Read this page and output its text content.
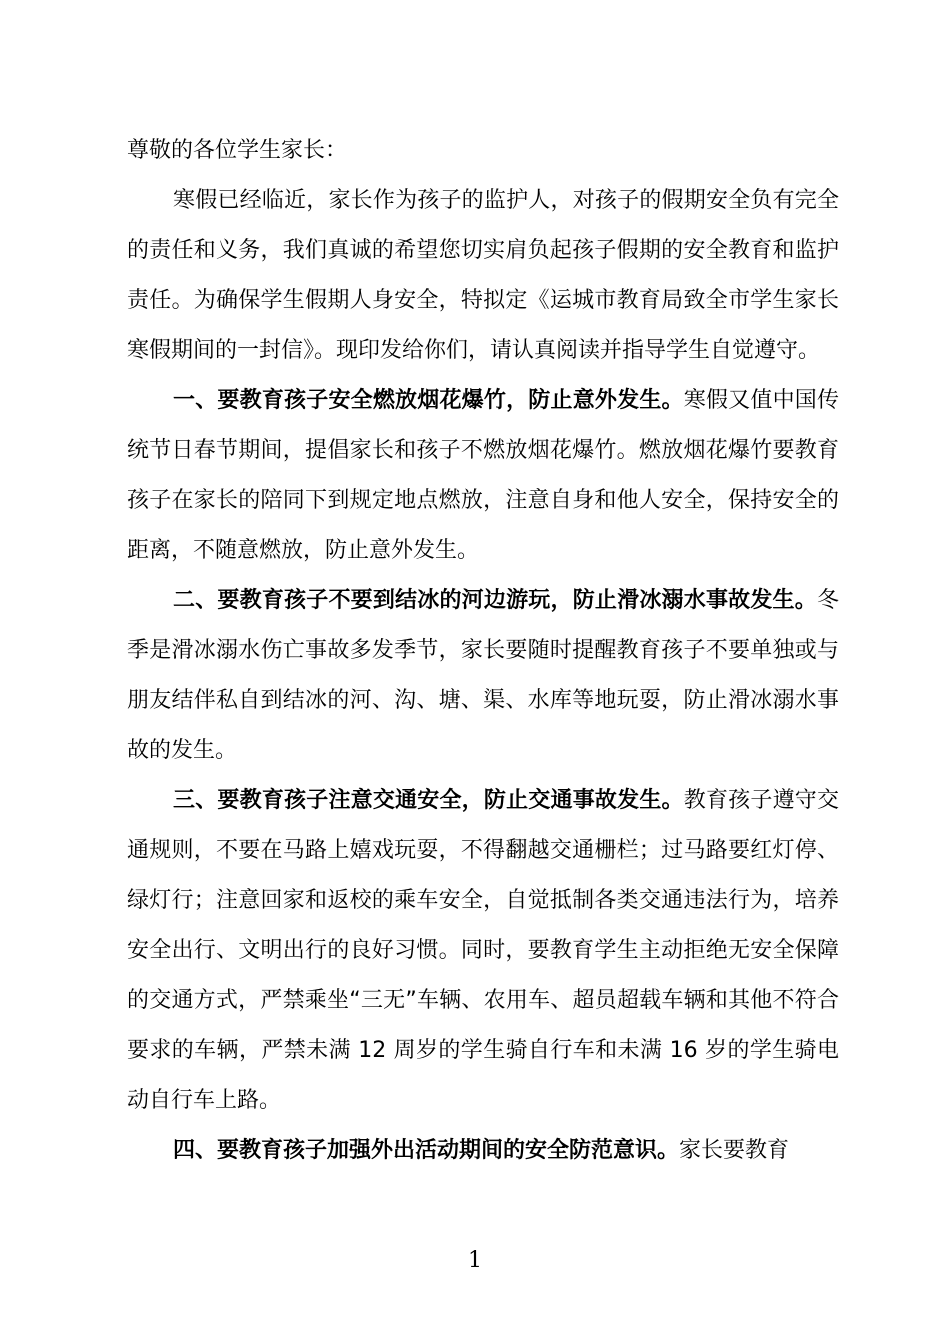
尊敬的各位学生家长：

寒假已经临近，家长作为孩子的监护人，对孩子的假期安全负有完全的责任和义务，我们真诚的希望您切实肩负起孩子假期的安全教育和监护责任。为确保学生假期人身安全，特拟定《运城市教育局致全市学生家长寒假期间的一封信》。现印发给你们，请认真阅读并指导学生自觉遵守。

一、要教育孩子安全燃放烟花爆竹，防止意外发生。寒假又值中国传统节日春节期间，提倡家长和孩子不燃放烟花爆竹。燃放烟花爆竹要教育孩子在家长的陪同下到规定地点燃放，注意自身和他人安全，保持安全的距离，不随意燃放，防止意外发生。

二、要教育孩子不要到结冰的河边游玩，防止滑冰溺水事故发生。冬季是滑冰溺水伤亡事故多发季节，家长要随时提醒教育孩子不要单独或与朋友结伴私自到结冰的河、沟、塘、渠、水库等地玩耍，防止滑冰溺水事故的发生。

三、要教育孩子注意交通安全，防止交通事故发生。教育孩子遵守交通规则，不要在马路上嬉戏玩耍，不得翻越交通栅栏；过马路要红灯停、绿灯行；注意回家和返校的乘车安全，自觉抵制各类交通违法行为，培养安全出行、文明出行的良好习惯。同时，要教育学生主动拒绝无安全保障的交通方式，严禁乘坐“三无”车辆、农用车、超员超载车辆和其他不符合要求的车辆，严禁未满 12 周岁的学生骑自行车和未满 16 岁的学生骑电动自行车上路。

四、要教育孩子加强外出活动期间的安全防范意识。家长要教育

1
